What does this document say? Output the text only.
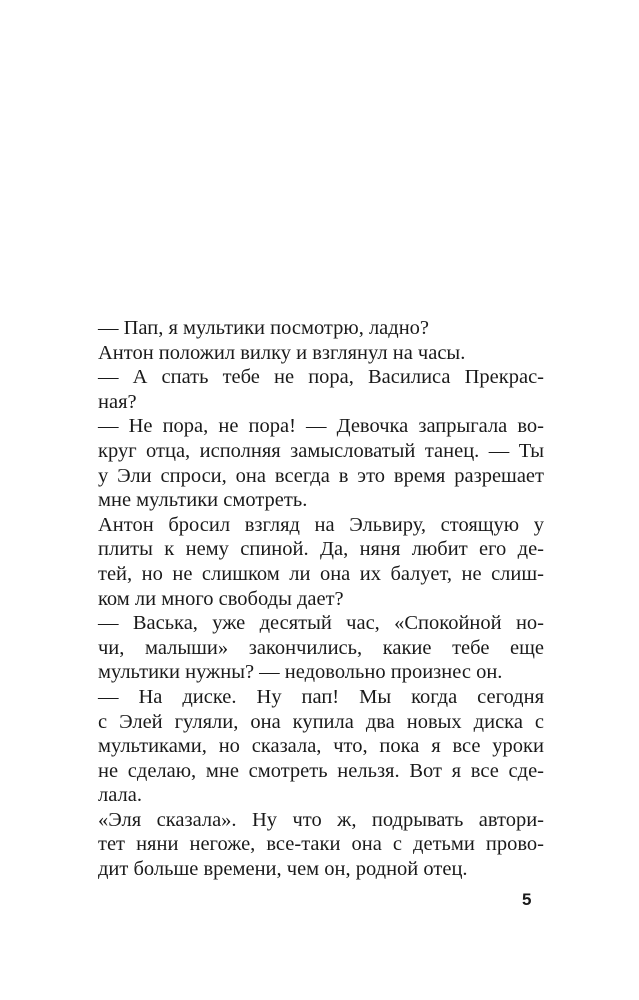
— Пап, я мультики посмотрю, ладно?
Антон положил вилку и взглянул на часы.
— А спать тебе не пора, Василиса Прекрас-
ная?
— Не пора, не пора! — Девочка запрыгала во-
круг отца, исполняя замысловатый танец. — Ты
у Эли спроси, она всегда в это время разрешает
мне мультики смотреть.
Антон бросил взгляд на Эльвиру, стоящую у
плиты к нему спиной. Да, няня любит его де-
тей, но не слишком ли она их балует, не слиш-
ком ли много свободы дает?
— Васька, уже десятый час, «Спокойной но-
чи, малыши» закончились, какие тебе еще
мультики нужны? — недовольно произнес он.
— На диске. Ну пап! Мы когда сегодня
с Элей гуляли, она купила два новых диска с
мультиками, но сказала, что, пока я все уроки
не сделаю, мне смотреть нельзя. Вот я все сде-
лала.
«Эля сказала». Ну что ж, подрывать автори-
тет няни негоже, все-таки она с детьми прово-
дит больше времени, чем он, родной отец.
5
